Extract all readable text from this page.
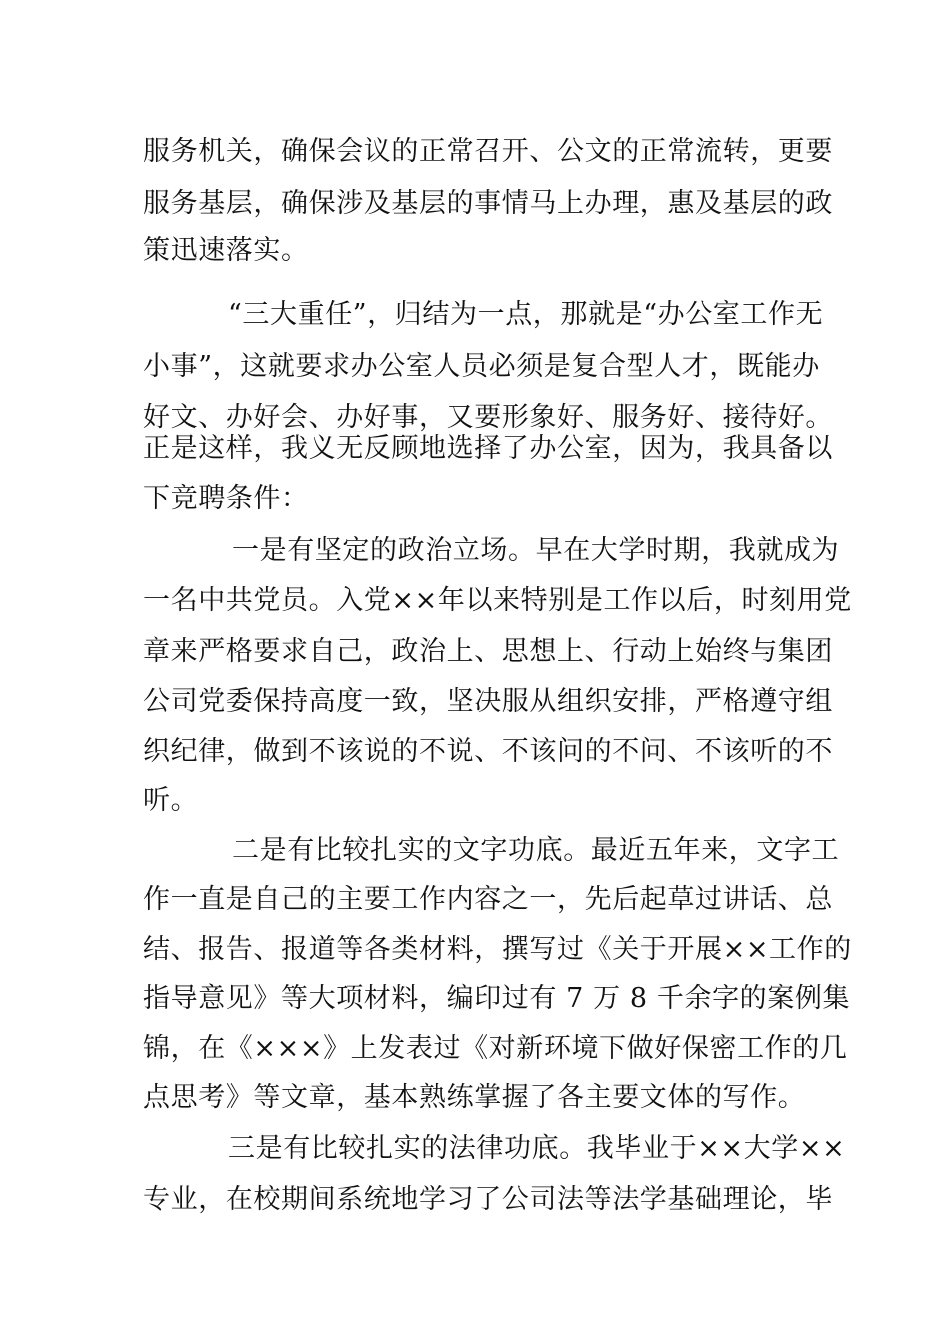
服务机关，确保会议的正常召开、公文的正常流转，更要
服务基层，确保涉及基层的事情马上办理，惠及基层的政
策迅速落实。
“三大重任”，归结为一点，那就是“办公室工作无
小事”，这就要求办公室人员必须是复合型人才，既能办
好文、办好会、办好事，又要形象好、服务好、接待好。
正是这样，我义无反顾地选择了办公室，因为，我具备以
下竞聘条件：
一是有坚定的政治立场。早在大学时期，我就成为
一名中共党员。入党××年以来特别是工作以后，时刻用党
章来严格要求自己，政治上、思想上、行动上始终与集团
公司党委保持高度一致，坚决服从组织安排，严格遵守组
织纪律，做到不该说的不说、不该问的不问、不该听的不
听。
二是有比较扎实的文字功底。最近五年来，文字工
作一直是自己的主要工作内容之一，先后起草过讲话、总
结、报告、报道等各类材料，撰写过《关于开展××工作的
指导意见》等大项材料，编印过有 7 万 8 千余字的案例集
锦，在《×××》上发表过《对新环境下做好保密工作的几
点思考》等文章，基本熟练掌握了各主要文体的写作。
三是有比较扎实的法律功底。我毕业于××大学××
专业，在校期间系统地学习了公司法等法学基础理论，毕
